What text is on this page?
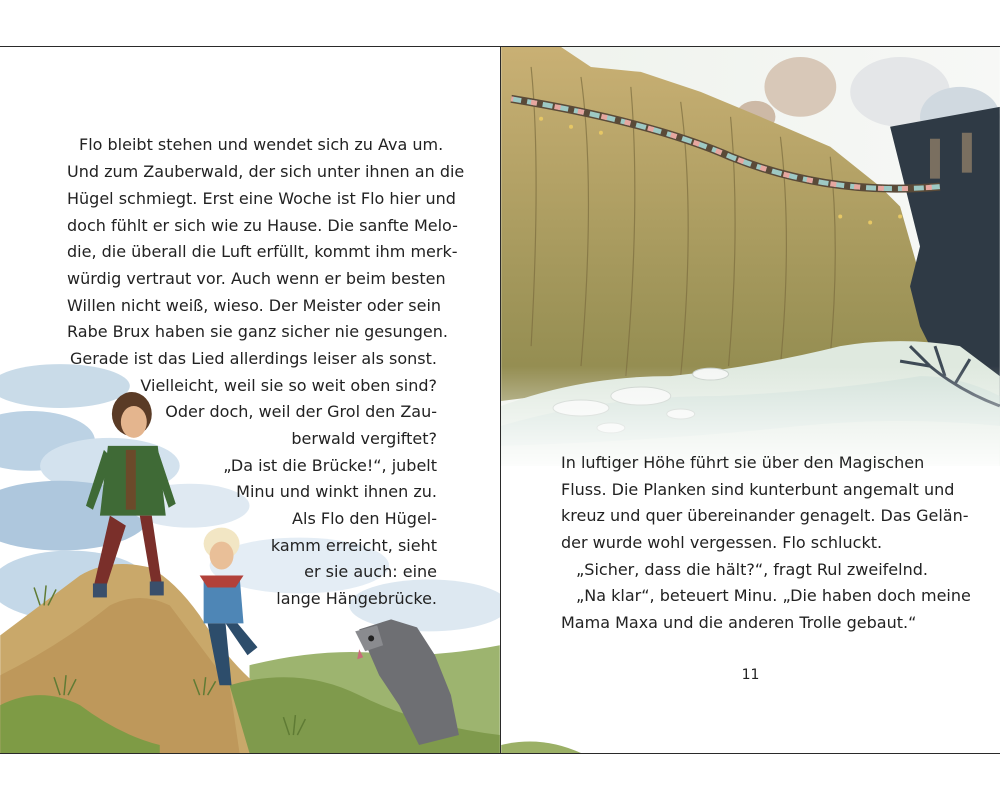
Flo bleibt stehen und wendet sich zu Ava um.
Und zum Zauberwald, der sich unter ihnen an die
Hügel schmiegt. Erst eine Woche ist Flo hier und
doch fühlt er sich wie zu Hause. Die sanfte Melo-
die, die überall die Luft erfüllt, kommt ihm merk-
würdig vertraut vor. Auch wenn er beim besten
Willen nicht weiß, wieso. Der Meister oder sein
Rabe Brux haben sie ganz sicher nie gesungen.
Gerade ist das Lied allerdings leiser als sonst.
Vielleicht, weil sie so weit oben sind?
Oder doch, weil der Grol den Zau-
berwald vergiftet?
„Da ist die Brücke!“, jubelt
Minu und winkt ihnen zu.
Als Flo den Hügel-
kamm erreicht, sieht
er sie auch: eine
lange Hängebrücke.
In luftiger Höhe führt sie über den Magischen
Fluss. Die Planken sind kunterbunt angemalt und
kreuz und quer übereinander genagelt. Das Gelän-
der wurde wohl vergessen. Flo schluckt.
„Sicher, dass die hält?“, fragt Rul zweifelnd.
„Na klar“, beteuert Minu. „Die haben doch meine
Mama Maxa und die anderen Trolle gebaut.“
11
